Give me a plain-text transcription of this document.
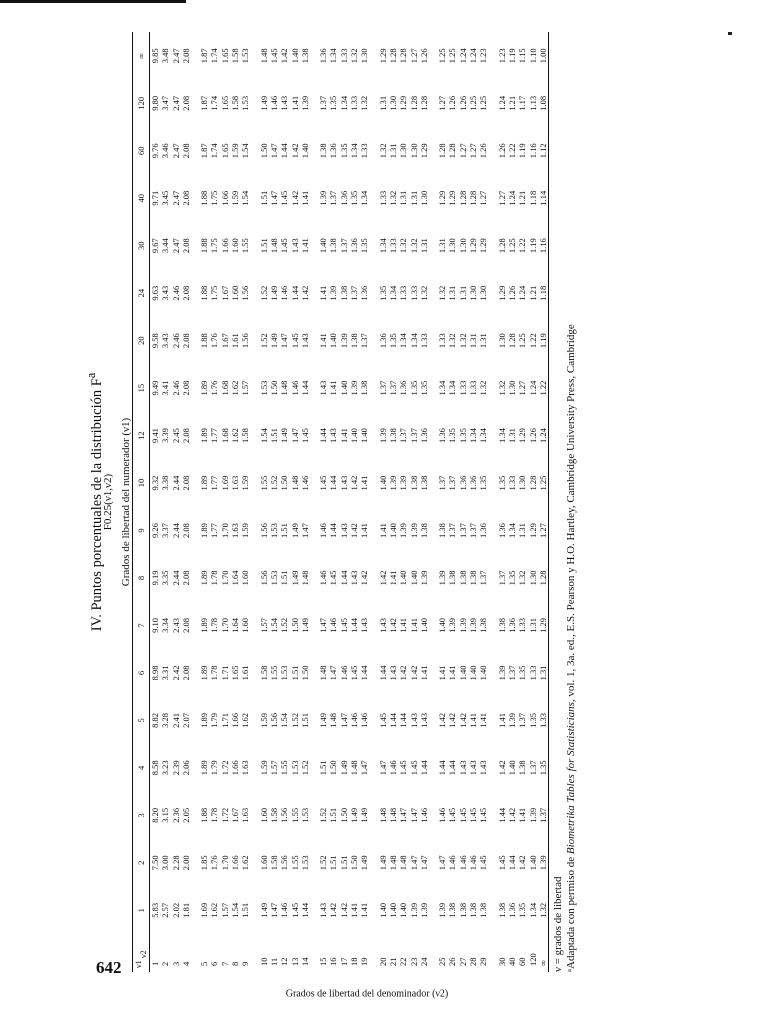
642
IV. Puntos porcentuales de la distribución $F^a$
F0.25(ν1,ν2) Grados de libertad del numerador (ν1)
Grados de libertad del denominador (ν2)
ν1
ν2	1	2	3	4	5	6	7	8	9	10	12	15	20	24	30	40	60	120	∞
1	5.83	7.50	8.20	8.58	8.82	8.98	9.10	9.19	9.26	9.32	9.41	9.49	9.58	9.63	9.67	9.71	9.76	9.80	9.85
2	2.57	3.00	3.15	3.23	3.28	3.31	3.34	3.35	3.37	3.38	3.39	3.41	3.43	3.43	3.44	3.45	3.46	3.47	3.48
3	2.02	2.28	2.36	2.39	2.41	2.42	2.43	2.44	2.44	2.44	2.45	2.46	2.46	2.46	2.47	2.47	2.47	2.47	2.47
4	1.81	2.00	2.05	2.06	2.07	2.08	2.08	2.08	2.08	2.08	2.08	2.08	2.08	2.08	2.08	2.08	2.08	2.08	2.08

5	1.69	1.85	1.88	1.89	1.89	1.89	1.89	1.89	1.89	1.89	1.89	1.89	1.88	1.88	1.88	1.88	1.87	1.87	1.87
6	1.62	1.76	1.78	1.79	1.79	1.78	1.78	1.78	1.77	1.77	1.77	1.76	1.76	1.75	1.75	1.75	1.74	1.74	1.74
7	1.57	1.70	1.72	1.72	1.71	1.71	1.70	1.70	1.70	1.69	1.68	1.68	1.67	1.67	1.66	1.66	1.65	1.65	1.65
8	1.54	1.66	1.67	1.66	1.66	1.65	1.64	1.64	1.63	1.63	1.62	1.62	1.61	1.60	1.60	1.59	1.59	1.58	1.58
9	1.51	1.62	1.63	1.63	1.62	1.61	1.60	1.60	1.59	1.59	1.58	1.57	1.56	1.56	1.55	1.54	1.54	1.53	1.53

10	1.49	1.60	1.60	1.59	1.59	1.58	1.57	1.56	1.56	1.55	1.54	1.53	1.52	1.52	1.51	1.51	1.50	1.49	1.48
11	1.47	1.58	1.58	1.57	1.56	1.55	1.54	1.53	1.53	1.52	1.51	1.50	1.49	1.49	1.48	1.47	1.47	1.46	1.45
12	1.46	1.56	1.56	1.55	1.54	1.53	1.52	1.51	1.51	1.50	1.49	1.48	1.47	1.46	1.45	1.45	1.44	1.43	1.42
13	1.45	1.55	1.55	1.53	1.52	1.51	1.50	1.49	1.49	1.48	1.47	1.46	1.45	1.44	1.43	1.42	1.42	1.41	1.40
14	1.44	1.53	1.53	1.52	1.51	1.50	1.49	1.48	1.47	1.46	1.45	1.44	1.43	1.42	1.41	1.41	1.40	1.39	1.38

15	1.43	1.52	1.52	1.51	1.49	1.48	1.47	1.46	1.46	1.45	1.44	1.43	1.41	1.41	1.40	1.39	1.38	1.37	1.36
16	1.42	1.51	1.51	1.50	1.48	1.47	1.46	1.45	1.44	1.44	1.43	1.41	1.40	1.39	1.38	1.37	1.36	1.35	1.34
17	1.42	1.51	1.50	1.49	1.47	1.46	1.45	1.44	1.43	1.43	1.41	1.40	1.39	1.38	1.37	1.36	1.35	1.34	1.33
18	1.41	1.50	1.49	1.48	1.46	1.45	1.44	1.43	1.42	1.42	1.40	1.39	1.38	1.37	1.36	1.35	1.34	1.33	1.32
19	1.41	1.49	1.49	1.47	1.46	1.44	1.43	1.42	1.41	1.41	1.40	1.38	1.37	1.36	1.35	1.34	1.33	1.32	1.30

20	1.40	1.49	1.48	1.47	1.45	1.44	1.43	1.42	1.41	1.40	1.39	1.37	1.36	1.35	1.34	1.33	1.32	1.31	1.29
21	1.40	1.48	1.48	1.46	1.44	1.43	1.42	1.41	1.40	1.39	1.38	1.37	1.35	1.34	1.33	1.32	1.31	1.30	1.28
22	1.40	1.48	1.47	1.45	1.44	1.42	1.41	1.40	1.39	1.39	1.37	1.36	1.34	1.33	1.32	1.31	1.30	1.29	1.28
23	1.39	1.47	1.47	1.45	1.43	1.42	1.41	1.40	1.39	1.38	1.37	1.35	1.34	1.33	1.32	1.31	1.30	1.28	1.27
24	1.39	1.47	1.46	1.44	1.43	1.41	1.40	1.39	1.38	1.38	1.36	1.35	1.33	1.32	1.31	1.30	1.29	1.28	1.26

25	1.39	1.47	1.46	1.44	1.42	1.41	1.40	1.39	1.38	1.37	1.36	1.34	1.33	1.32	1.31	1.29	1.28	1.27	1.25
26	1.38	1.46	1.45	1.44	1.42	1.41	1.39	1.38	1.37	1.37	1.35	1.34	1.32	1.31	1.30	1.29	1.28	1.26	1.25
27	1.38	1.46	1.45	1.43	1.42	1.40	1.39	1.38	1.37	1.36	1.35	1.33	1.32	1.31	1.30	1.28	1.27	1.26	1.24
28	1.38	1.46	1.45	1.43	1.41	1.40	1.39	1.38	1.37	1.36	1.34	1.33	1.31	1.30	1.29	1.28	1.27	1.25	1.24
29	1.38	1.45	1.45	1.43	1.41	1.40	1.38	1.37	1.36	1.35	1.34	1.32	1.31	1.30	1.29	1.27	1.26	1.25	1.23

30	1.38	1.45	1.44	1.42	1.41	1.39	1.38	1.37	1.36	1.35	1.34	1.32	1.30	1.29	1.28	1.27	1.26	1.24	1.23
40	1.36	1.44	1.42	1.40	1.39	1.37	1.36	1.35	1.34	1.33	1.31	1.30	1.28	1.26	1.25	1.24	1.22	1.21	1.19
60	1.35	1.42	1.41	1.38	1.37	1.35	1.33	1.32	1.31	1.30	1.29	1.27	1.25	1.24	1.22	1.21	1.19	1.17	1.15
120	1.34	1.40	1.39	1.37	1.35	1.33	1.31	1.30	1.29	1.28	1.26	1.24	1.22	1.21	1.19	1.18	1.16	1.13	1.10
∞	1.32	1.39	1.37	1.35	1.33	1.31	1.29	1.28	1.27	1.25	1.24	1.22	1.19	1.18	1.16	1.14	1.12	1.08	1.00
ν = grados de libertad ᵃAdaptada con permiso de Biometrika Tables for Statisticians, vol. 1, 3a. ed., E.S. Pearson y H.O. Hartley, Cambridge University Press, Cambridge
